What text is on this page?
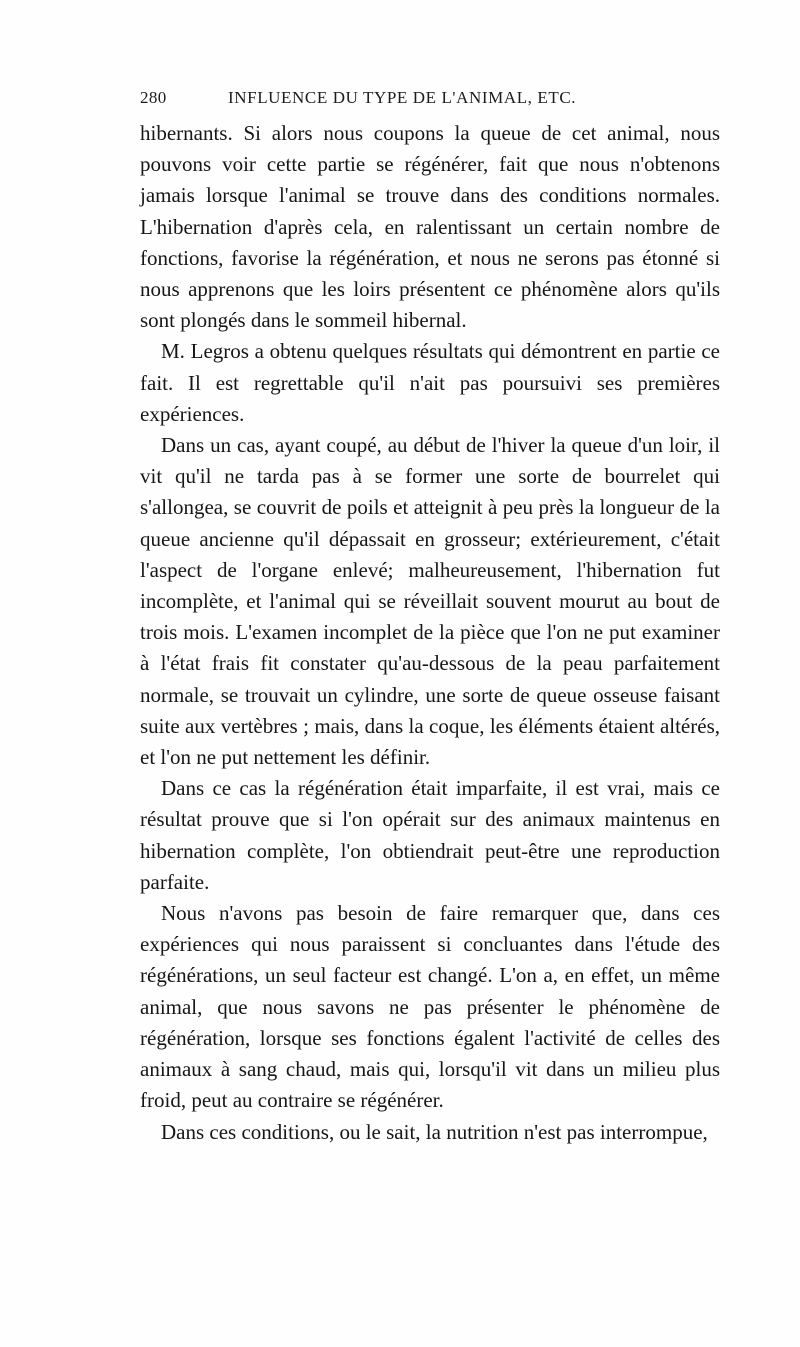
280	INFLUENCE DU TYPE DE L'ANIMAL, ETC.

hibernants. Si alors nous coupons la queue de cet animal, nous pouvons voir cette partie se régénérer, fait que nous n'obtenons jamais lorsque l'animal se trouve dans des conditions normales. L'hibernation d'après cela, en ralentissant un certain nombre de fonctions, favorise la régénération, et nous ne serons pas étonné si nous apprenons que les loirs présentent ce phénomène alors qu'ils sont plongés dans le sommeil hibernal.

M. Legros a obtenu quelques résultats qui démontrent en partie ce fait. Il est regrettable qu'il n'ait pas poursuivi ses premières expériences.

Dans un cas, ayant coupé, au début de l'hiver la queue d'un loir, il vit qu'il ne tarda pas à se former une sorte de bourrelet qui s'allongea, se couvrit de poils et atteignit à peu près la longueur de la queue ancienne qu'il dépassait en grosseur; extérieurement, c'était l'aspect de l'organe enlevé; malheureusement, l'hibernation fut incomplète, et l'animal qui se réveillait souvent mourut au bout de trois mois. L'examen incomplet de la pièce que l'on ne put examiner à l'état frais fit constater qu'au-dessous de la peau parfaitement normale, se trouvait un cylindre, une sorte de queue osseuse faisant suite aux vertèbres ; mais, dans la coque, les éléments étaient altérés, et l'on ne put nettement les définir.

Dans ce cas la régénération était imparfaite, il est vrai, mais ce résultat prouve que si l'on opérait sur des animaux maintenus en hibernation complète, l'on obtiendrait peut-être une reproduction parfaite.

Nous n'avons pas besoin de faire remarquer que, dans ces expériences qui nous paraissent si concluantes dans l'étude des régénérations, un seul facteur est changé. L'on a, en effet, un même animal, que nous savons ne pas présenter le phénomène de régénération, lorsque ses fonctions égalent l'activité de celles des animaux à sang chaud, mais qui, lorsqu'il vit dans un milieu plus froid, peut au contraire se régénérer.

Dans ces conditions, ou le sait, la nutrition n'est pas interrompue,
